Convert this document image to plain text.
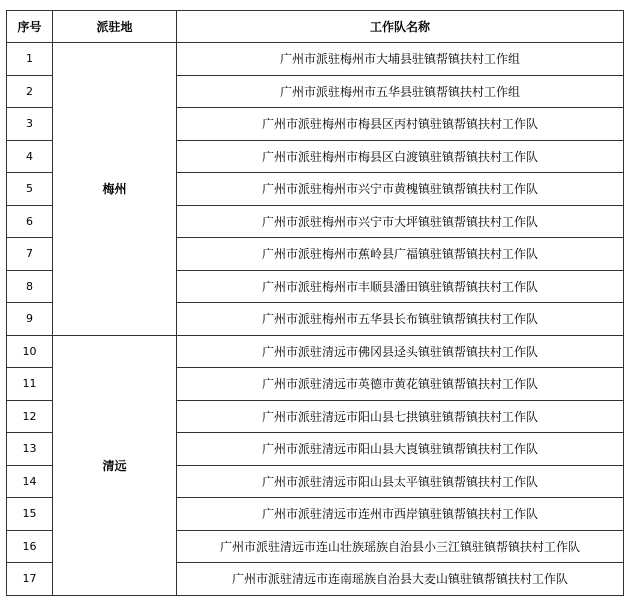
序号	派驻地	工作队名称
1	梅州	广州市派驻梅州市大埔县驻镇帮镇扶村工作组
2		广州市派驻梅州市五华县驻镇帮镇扶村工作组
3		广州市派驻梅州市梅县区丙村镇驻镇帮镇扶村工作队
4		广州市派驻梅州市梅县区白渡镇驻镇帮镇扶村工作队
5		广州市派驻梅州市兴宁市黄槐镇驻镇帮镇扶村工作队
6		广州市派驻梅州市兴宁市大坪镇驻镇帮镇扶村工作队
7		广州市派驻梅州市蕉岭县广福镇驻镇帮镇扶村工作队
8		广州市派驻梅州市丰顺县潘田镇驻镇帮镇扶村工作队
9		广州市派驻梅州市五华县长布镇驻镇帮镇扶村工作队
10	清远	广州市派驻清远市佛冈县迳头镇驻镇帮镇扶村工作队
11		广州市派驻清远市英德市黄花镇驻镇帮镇扶村工作队
12		广州市派驻清远市阳山县七拱镇驻镇帮镇扶村工作队
13		广州市派驻清远市阳山县大崀镇驻镇帮镇扶村工作队
14		广州市派驻清远市阳山县太平镇驻镇帮镇扶村工作队
15		广州市派驻清远市连州市西岸镇驻镇帮镇扶村工作队
16		广州市派驻清远市连山壮族瑶族自治县小三江镇驻镇帮镇扶村工作队
17		广州市派驻清远市连南瑶族自治县大麦山镇驻镇帮镇扶村工作队
